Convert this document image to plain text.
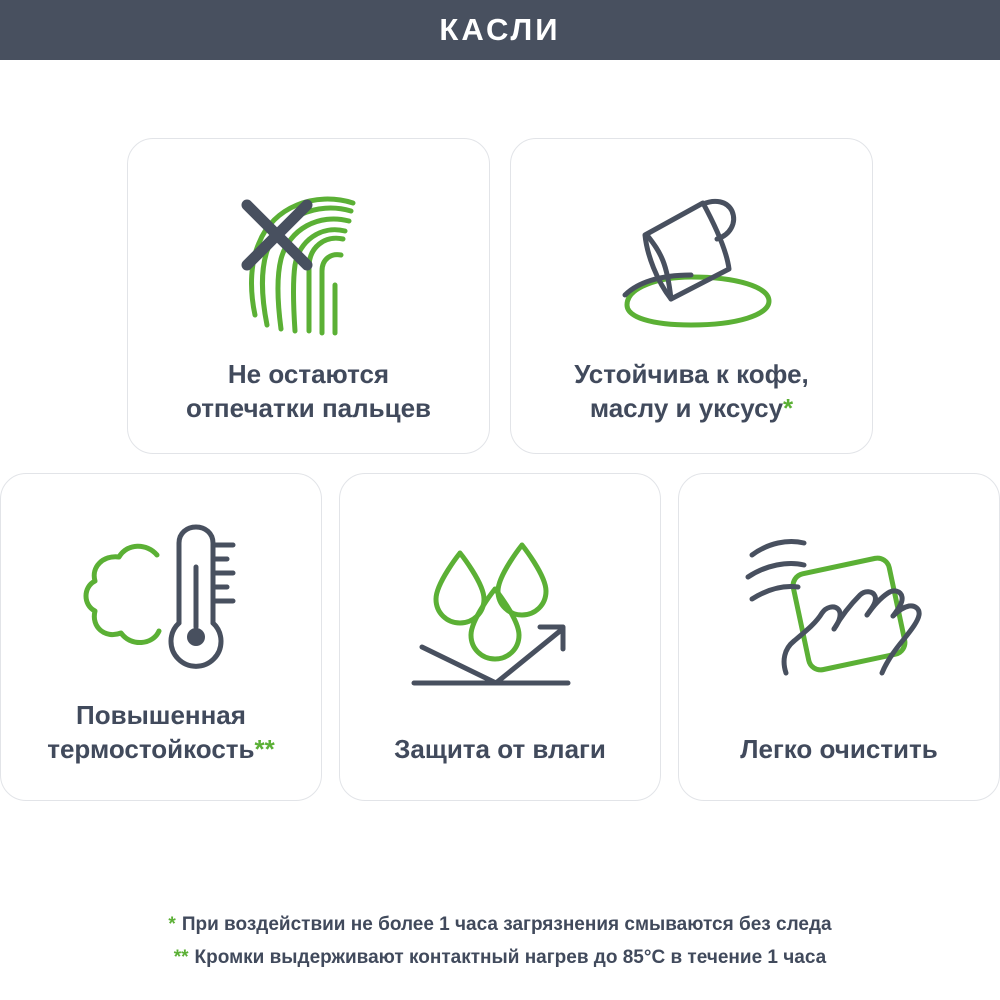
КАСЛИ
Не остаются
отпечатки пальцев
Устойчива к кофе,
маслу и уксусу*
Повышенная
термостойкость**	Защита от влаги	Легко очистить
* При воздействии не более 1 часа загрязнения смываются без следа
** Кромки выдерживают контактный нагрев до 85°С в течение 1 часа
